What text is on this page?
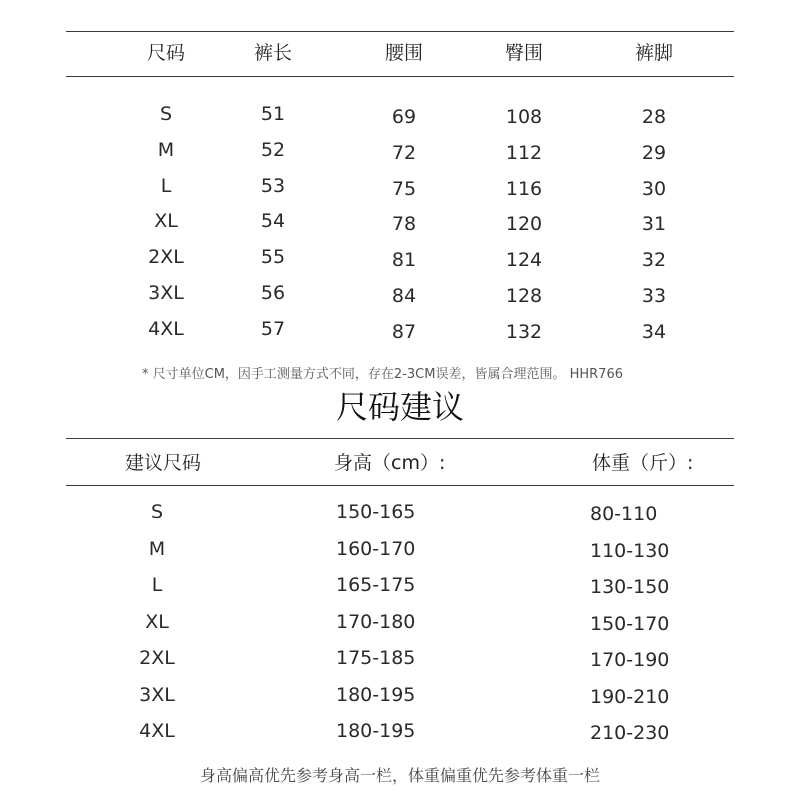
尺码	裤长	腰围	臀围	裤脚
S	51	69	108	28
M	52	72	112	29
L	53	75	116	30
XL	54	78	120	31
2XL	55	81	124	32
3XL	56	84	128	33
4XL	57	87	132	34
* 尺寸单位CM，因手工测量方式不同，存在2-3CM误差，皆属合理范围。 HHR766
尺码建议
建议尺码	身高（cm）:	体重（斤）:
S	150-165	80-110
M	160-170	110-130
L	165-175	130-150
XL	170-180	150-170
2XL	175-185	170-190
3XL	180-195	190-210
4XL	180-195	210-230
身高偏高优先参考身高一栏，体重偏重优先参考体重一栏
